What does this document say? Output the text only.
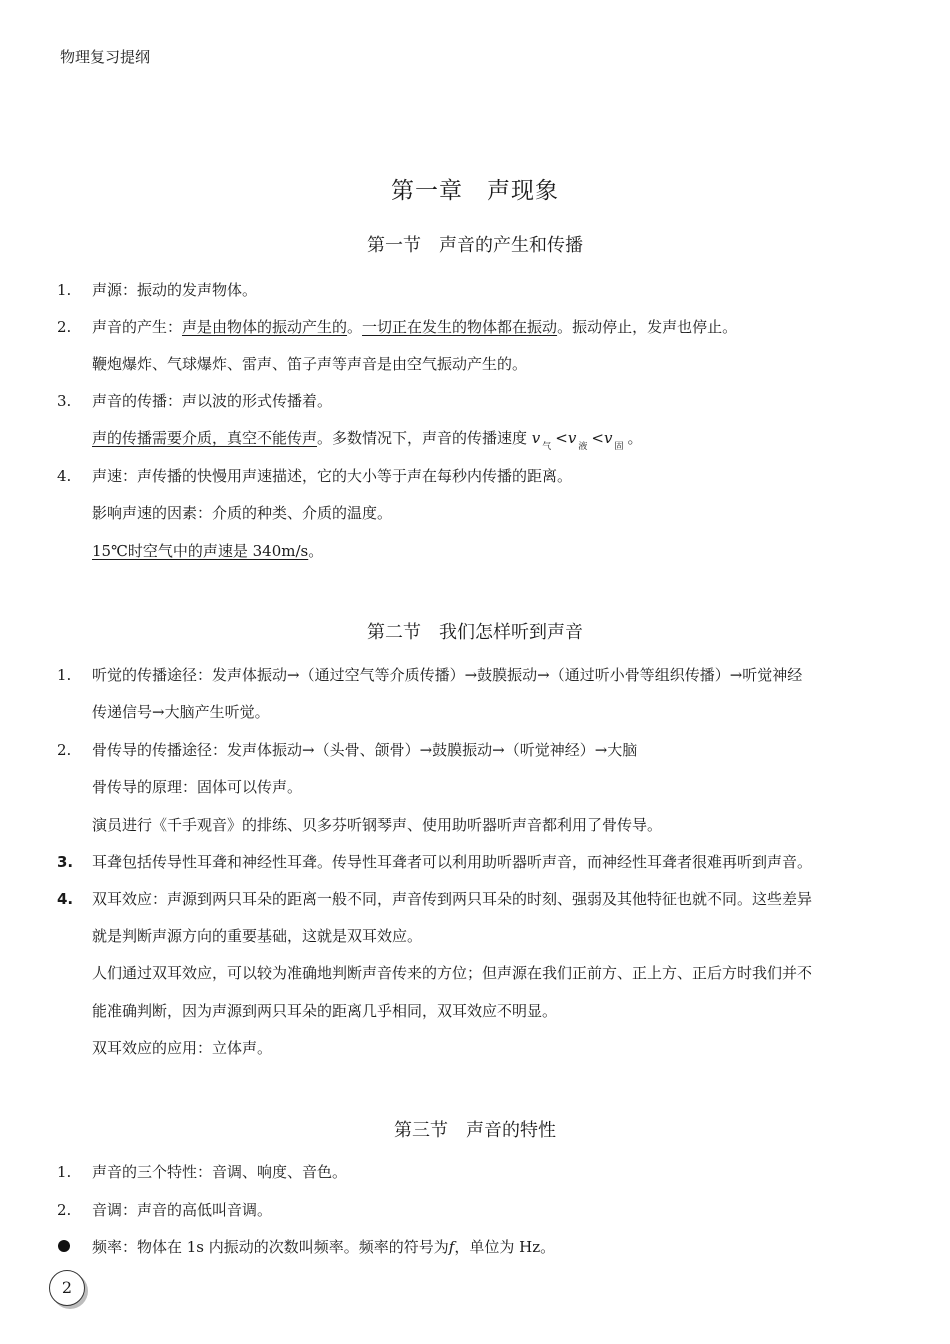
物理复习提纲
第一章　声现象
第一节　声音的产生和传播
1.	声源：振动的发声物体。
2.	声音的产生：声是由物体的振动产生的。一切正在发生的物体都在振动。振动停止，发声也停止。
鞭炮爆炸、气球爆炸、雷声、笛子声等声音是由空气振动产生的。
3.	声音的传播：声以波的形式传播着。
声的传播需要介质，真空不能传声。多数情况下，声音的传播速度 v $_气$ <v $_液$ <v $_固$ 。
4.	声速：声传播的快慢用声速描述，它的大小等于声在每秒内传播的距离。
影响声速的因素：介质的种类、介质的温度。
15℃时空气中的声速是 340m/s。
第二节　我们怎样听到声音
1.	听觉的传播途径：发声体振动→（通过空气等介质传播）→鼓膜振动→（通过听小骨等组织传播）→听觉神经
传递信号→大脑产生听觉。
2.	骨传导的传播途径：发声体振动→（头骨、颌骨）→鼓膜振动→（听觉神经）→大脑
骨传导的原理：固体可以传声。
演员进行《千手观音》的排练、贝多芬听钢琴声、使用助听器听声音都利用了骨传导。
3. 耳聋包括传导性耳聋和神经性耳聋。传导性耳聋者可以利用助听器听声音，而神经性耳聋者很难再听到声音。
4. 双耳效应：声源到两只耳朵的距离一般不同，声音传到两只耳朵的时刻、强弱及其他特征也就不同。这些差异
就是判断声源方向的重要基础，这就是双耳效应。
人们通过双耳效应，可以较为准确地判断声音传来的方位；但声源在我们正前方、正上方、正后方时我们并不
能准确判断，因为声源到两只耳朵的距离几乎相同，双耳效应不明显。
双耳效应的应用：立体声。
第三节　声音的特性
1.	声音的三个特性：音调、响度、音色。
2.	音调：声音的高低叫音调。
频率：物体在 1s 内振动的次数叫频率。频率的符号为f，单位为 Hz。
2
